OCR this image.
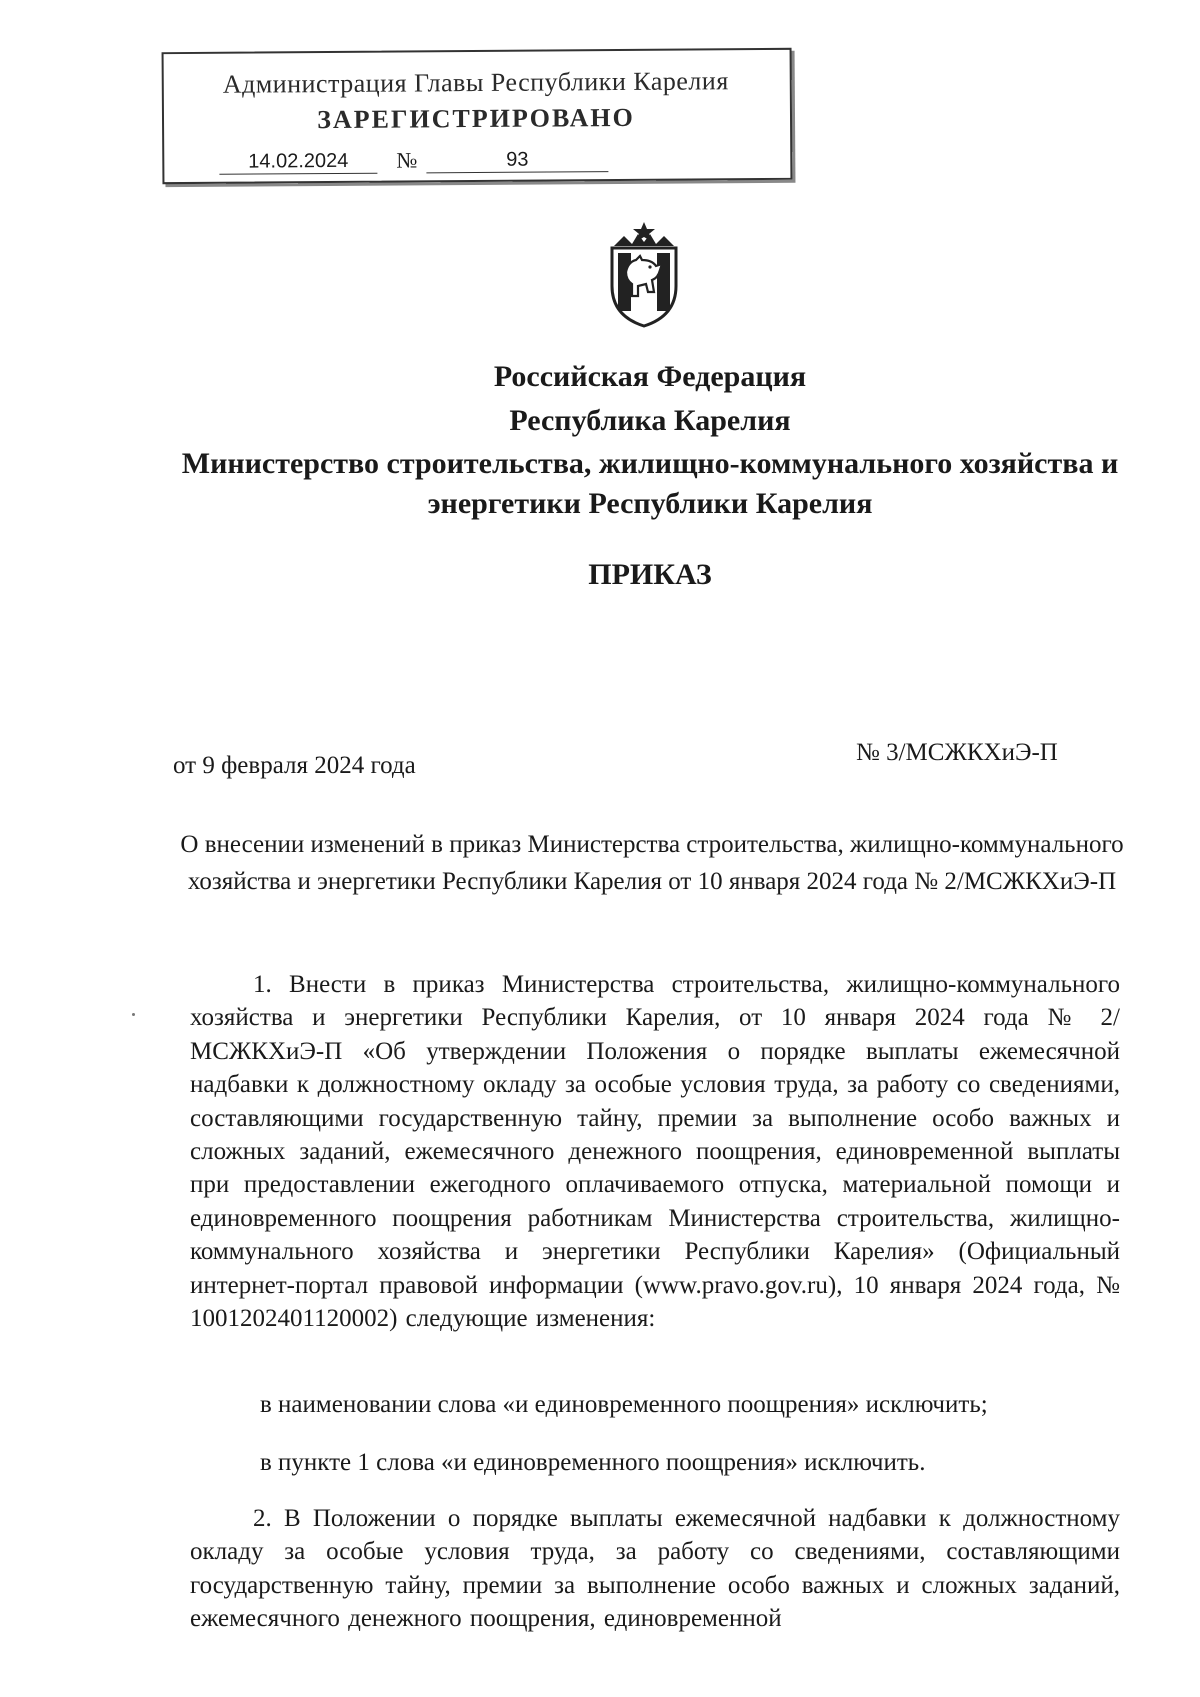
Администрация Главы Республики Карелия
ЗАРЕГИСТРИРОВАНО
14.02.2024	№	93
Российская Федерация
Республика Карелия
Министерство строительства, жилищно-коммунального хозяйства и энергетики Республики Карелия
ПРИКАЗ
от 9 февраля 2024 года	№ 3/МСЖКХиЭ-П
О внесении изменений в приказ Министерства строительства, жилищно-коммунального хозяйства и энергетики Республики Карелия от 10 января 2024 года № 2/МСЖКХиЭ-П
1. Внести в приказ Министерства строительства, жилищно-коммунального хозяйства и энергетики Республики Карелия, от 10 января 2024 года № 2/МСЖКХиЭ-П «Об утверждении Положения о порядке выплаты ежемесячной надбавки к должностному окладу за особые условия труда, за работу со сведениями, составляющими государственную тайну, премии за выполнение особо важных и сложных заданий, ежемесячного денежного поощрения, единовременной выплаты при предоставлении ежегодного оплачиваемого отпуска, материальной помощи и единовременного поощрения работникам Министерства строительства, жилищно-коммунального хозяйства и энергетики Республики Карелия» (Официальный интернет-портал правовой информации (www.pravo.gov.ru), 10 января 2024 года, № 1001202401120002) следующие изменения:
в наименовании слова «и единовременного поощрения» исключить;
в пункте 1 слова «и единовременного поощрения» исключить.
2. В Положении о порядке выплаты ежемесячной надбавки к должностному окладу за особые условия труда, за работу со сведениями, составляющими государственную тайну, премии за выполнение особо важных и сложных заданий, ежемесячного денежного поощрения, единовременной
